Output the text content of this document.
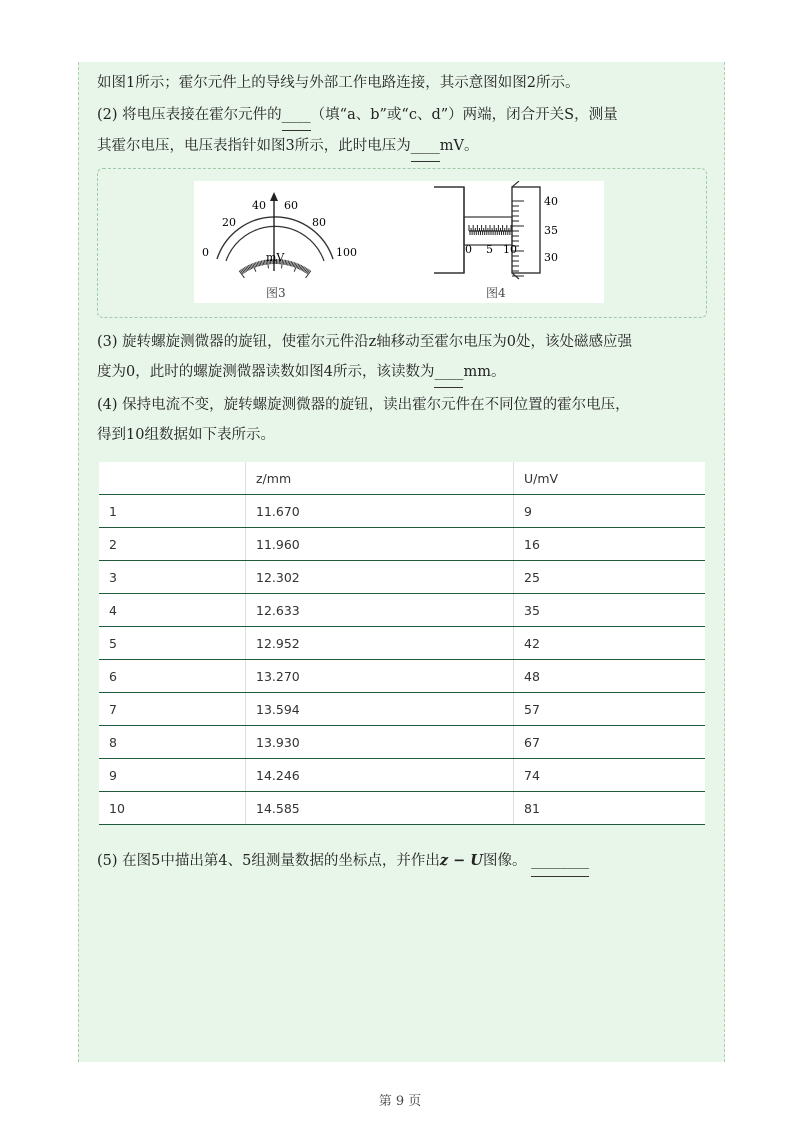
如图1所示；霍尔元件上的导线与外部工作电路连接，其示意图如图2所示。

(2) 将电压表接在霍尔元件的____（填“a、b”或“c、d”）两端，闭合开关S，测量
其霍尔电压，电压表指针如图3所示，此时电压为____mV。

0
20
40 60
80
100
mV
图3
0 5 10
40
35
30
图4

(3) 旋转螺旋测微器的旋钮，使霍尔元件沿z轴移动至霍尔电压为0处，该处磁感应强
度为0，此时的螺旋测微器读数如图4所示，该读数为____mm。

(4) 保持电流不变，旋转螺旋测微器的旋钮，读出霍尔元件在不同位置的霍尔电压，
得到10组数据如下表所示。

	z/mm	U/mV
1	11.670	9
2	11.960	16
3	12.302	25
4	12.633	35
5	12.952	42
6	13.270	48
7	13.594	57
8	13.930	67
9	14.246	74
10	14.585	81

(5) 在图5中描出第4、5组测量数据的坐标点，并作出z − U图像。 ________

第 9 页
